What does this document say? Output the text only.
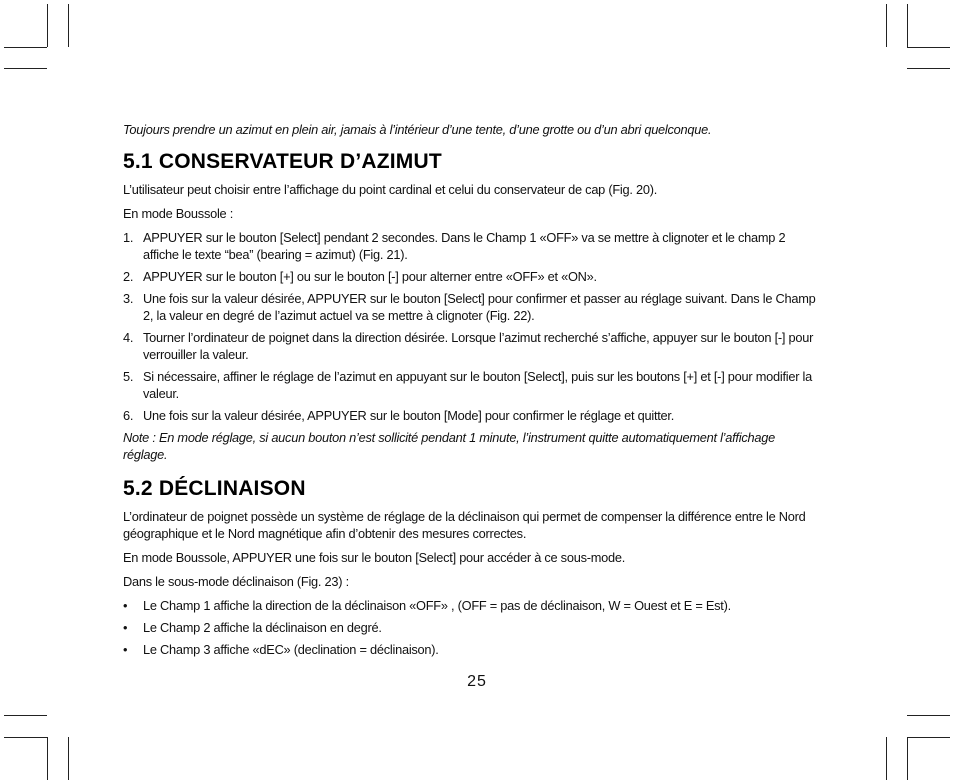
Toujours prendre un azimut en plein air, jamais à l’intérieur d’une tente, d’une grotte ou d’un abri quelconque.

5.1 CONSERVATEUR D’AZIMUT

L’utilisateur peut choisir entre l’affichage du point cardinal et celui du conservateur de cap (Fig. 20).

En mode Boussole :

1. APPUYER sur le bouton [Select] pendant 2 secondes. Dans le Champ 1 «OFF» va se mettre à clignoter et le champ 2 affiche le texte “bea” (bearing = azimut) (Fig. 21).
2. APPUYER sur le bouton [+] ou sur le bouton [-] pour alterner entre «OFF» et «ON».
3. Une fois sur la valeur désirée, APPUYER sur le bouton [Select] pour confirmer et passer au réglage suivant. Dans le Champ 2, la valeur en degré de l’azimut actuel va se mettre à clignoter (Fig. 22).
4. Tourner l’ordinateur de poignet dans la direction désirée. Lorsque l’azimut recherché s’affiche, appuyer sur le bouton [-] pour verrouiller la valeur.
5. Si nécessaire, affiner le réglage de l’azimut en appuyant sur le bouton [Select], puis sur les boutons [+] et [-] pour modifier la valeur.
6. Une fois sur la valeur désirée, APPUYER sur le bouton [Mode] pour confirmer le réglage et quitter.

Note : En mode réglage, si aucun bouton n’est sollicité pendant 1 minute, l’instrument quitte automatiquement l’affichage réglage.

5.2 DÉCLINAISON

L’ordinateur de poignet possède un système de réglage de la déclinaison qui permet de compenser la différence entre le Nord géographique et le Nord magnétique afin d’obtenir des mesures correctes.

En mode Boussole, APPUYER une fois sur le bouton [Select] pour accéder à ce sous-mode.

Dans le sous-mode déclinaison (Fig. 23) :

•	Le Champ 1 affiche la direction de la déclinaison «OFF» , (OFF = pas de déclinaison, W = Ouest et E = Est).
•	Le Champ 2 affiche la déclinaison en degré.
•	Le Champ 3 affiche «dEC» (declination = déclinaison).
25
